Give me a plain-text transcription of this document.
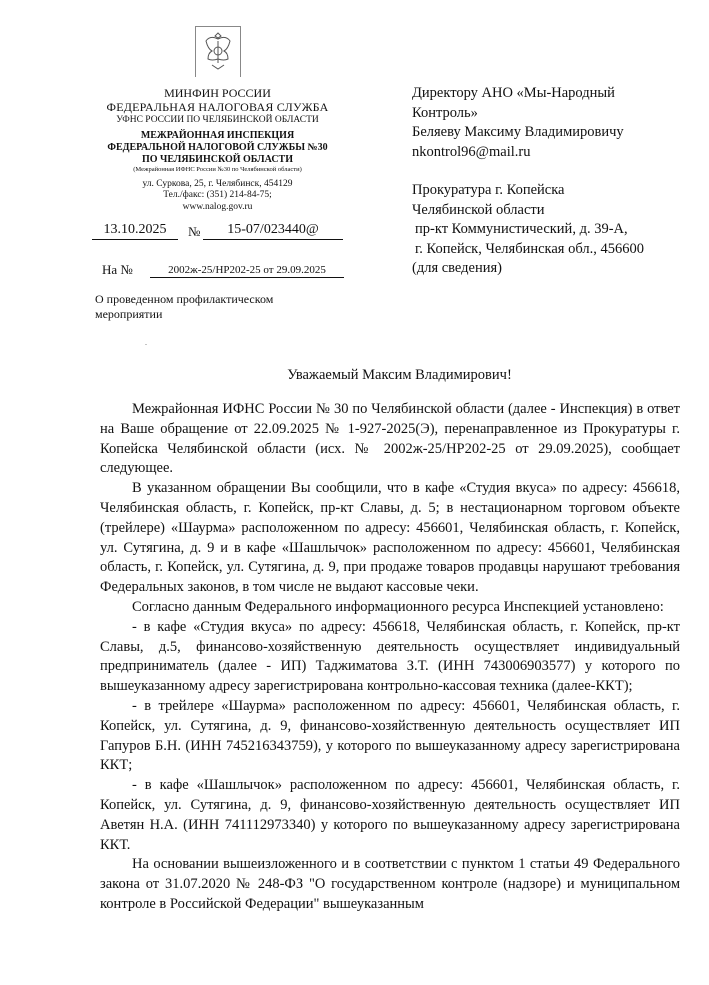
МИНФИН РОССИИ
ФЕДЕРАЛЬНАЯ НАЛОГОВАЯ СЛУЖБА
УФНС РОССИИ ПО ЧЕЛЯБИНСКОЙ ОБЛАСТИ
МЕЖРАЙОННАЯ ИНСПЕКЦИЯ
ФЕДЕРАЛЬНОЙ НАЛОГОВОЙ СЛУЖБЫ №30
ПО ЧЕЛЯБИНСКОЙ ОБЛАСТИ
(Межрайонная ИФНС России №30 по Челябинской области)
ул. Суркова, 25, г. Челябинск, 454129
Тел./факс: (351) 214-84-75;
www.nalog.gov.ru
13.10.2025	№	15-07/023440@
На №	2002ж-25/НР202-25 от 29.09.2025
О проведенном профилактическом
мероприятии
.
Директору АНО «Мы-Народный
Контроль»
Беляеву Максиму Владимировичу
nkontrol96@mail.ru
Прокуратура г. Копейска
Челябинской области
пр-кт Коммунистический, д. 39-А,
г. Копейск, Челябинская обл., 456600
(для сведения)
Уважаемый Максим Владимирович!

Межрайонная ИФНС России № 30 по Челябинской области (далее - Инспекция) в ответ на Ваше обращение от 22.09.2025 № 1-927-2025(Э), перенаправленное из Прокуратуры г. Копейска Челябинской области (исх. № 2002ж-25/НР202-25 от 29.09.2025), сообщает следующее.

В указанном обращении Вы сообщили, что в кафе «Студия вкуса» по адресу: 456618, Челябинская область, г. Копейск, пр-кт Славы, д. 5; в нестационарном торговом объекте (трейлере) «Шаурма» расположенном по адресу: 456601, Челябинская область, г. Копейск, ул. Сутягина, д. 9 и в кафе «Шашлычок» расположенном по адресу: 456601, Челябинская область, г. Копейск, ул. Сутягина, д. 9, при продаже товаров продавцы нарушают требования Федеральных законов, в том числе не выдают кассовые чеки.

Согласно данным Федерального информационного ресурса Инспекцией установлено:

- в кафе «Студия вкуса» по адресу: 456618, Челябинская область, г. Копейск, пр-кт Славы, д.5, финансово-хозяйственную деятельность осуществляет индивидуальный предприниматель (далее - ИП) Таджиматова З.Т. (ИНН 743006903577) у которого по вышеуказанному адресу зарегистрирована контрольно-кассовая техника (далее-ККТ);

- в трейлере «Шаурма» расположенном по адресу: 456601, Челябинская область, г. Копейск, ул. Сутягина, д. 9, финансово-хозяйственную деятельность осуществляет ИП Гапуров Б.Н. (ИНН 745216343759), у которого по вышеуказанному адресу зарегистрирована ККТ;

- в кафе «Шашлычок» расположенном по адресу: 456601, Челябинская область, г. Копейск, ул. Сутягина, д. 9, финансово-хозяйственную деятельность осуществляет ИП Аветян Н.А. (ИНН 741112973340) у которого по вышеуказанному адресу зарегистрирована ККТ.

На основании вышеизложенного и в соответствии с пунктом 1 статьи 49 Федерального закона от 31.07.2020 № 248-ФЗ "О государственном контроле (надзоре) и муниципальном контроле в Российской Федерации" вышеуказанным
